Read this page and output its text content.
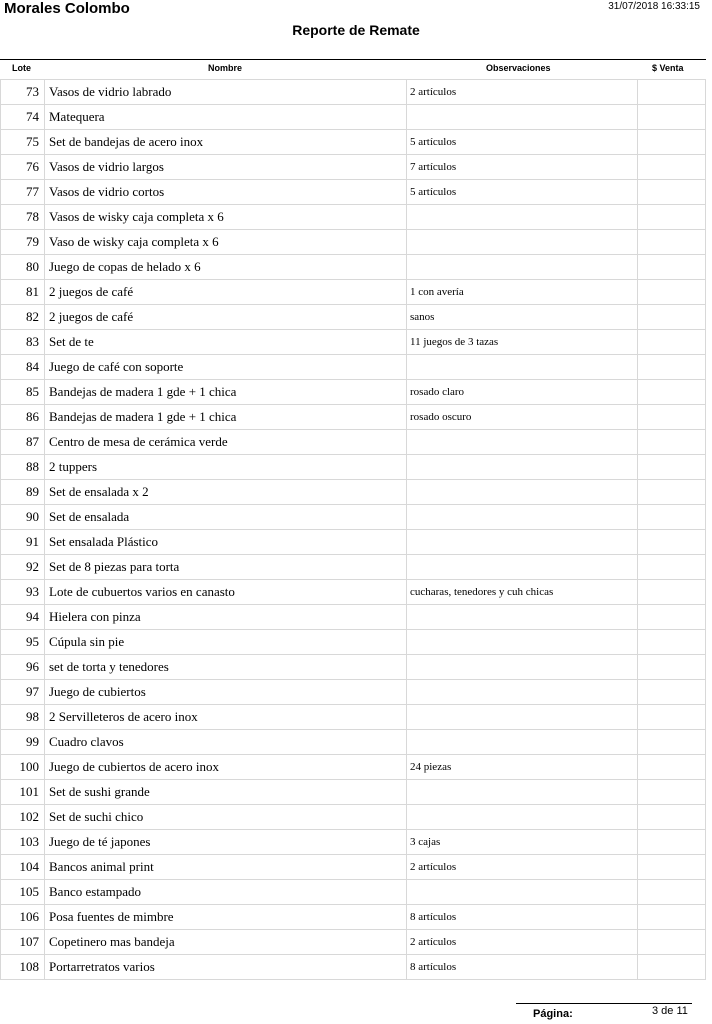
Morales Colombo	31/07/2018 16:33:15
Reporte de Remate
Lote	Nombre	Observaciones	$ Venta
73	Vasos de vidrio labrado	2 artículos	
74	Matequera		
75	Set de bandejas de acero inox	5 artículos	
76	Vasos de vidrio largos	7 artículos	
77	Vasos de vidrio cortos	5 artículos	
78	Vasos de wisky caja completa x 6		
79	Vaso de wisky caja completa x 6		
80	Juego de copas de helado x 6		
81	2 juegos de café	1 con avería	
82	2 juegos de café	sanos	
83	Set de te	11 juegos de 3 tazas	
84	Juego de café con soporte		
85	Bandejas de madera 1 gde + 1 chica	rosado claro	
86	Bandejas de madera 1 gde + 1 chica	rosado oscuro	
87	Centro de mesa de cerámica verde		
88	2 tuppers		
89	Set de ensalada x 2		
90	Set de ensalada		
91	Set ensalada Plástico		
92	Set de 8 piezas para torta		
93	Lote de cubuertos varios en canasto	cucharas, tenedores y cuh chicas	
94	Hielera con pinza		
95	Cúpula sin pie		
96	set de torta y tenedores		
97	Juego de cubiertos		
98	2 Servilleteros de acero inox		
99	Cuadro clavos		
100	Juego de cubiertos de acero inox	24 piezas	
101	Set de sushi grande		
102	Set de suchi chico		
103	Juego de té japones	3 cajas	
104	Bancos animal print	2 artículos	
105	Banco estampado		
106	Posa fuentes de mimbre	8 artículos	
107	Copetinero mas bandeja	2 artículos	
108	Portarretratos varios	8 artículos	
Página:	3 de 11
